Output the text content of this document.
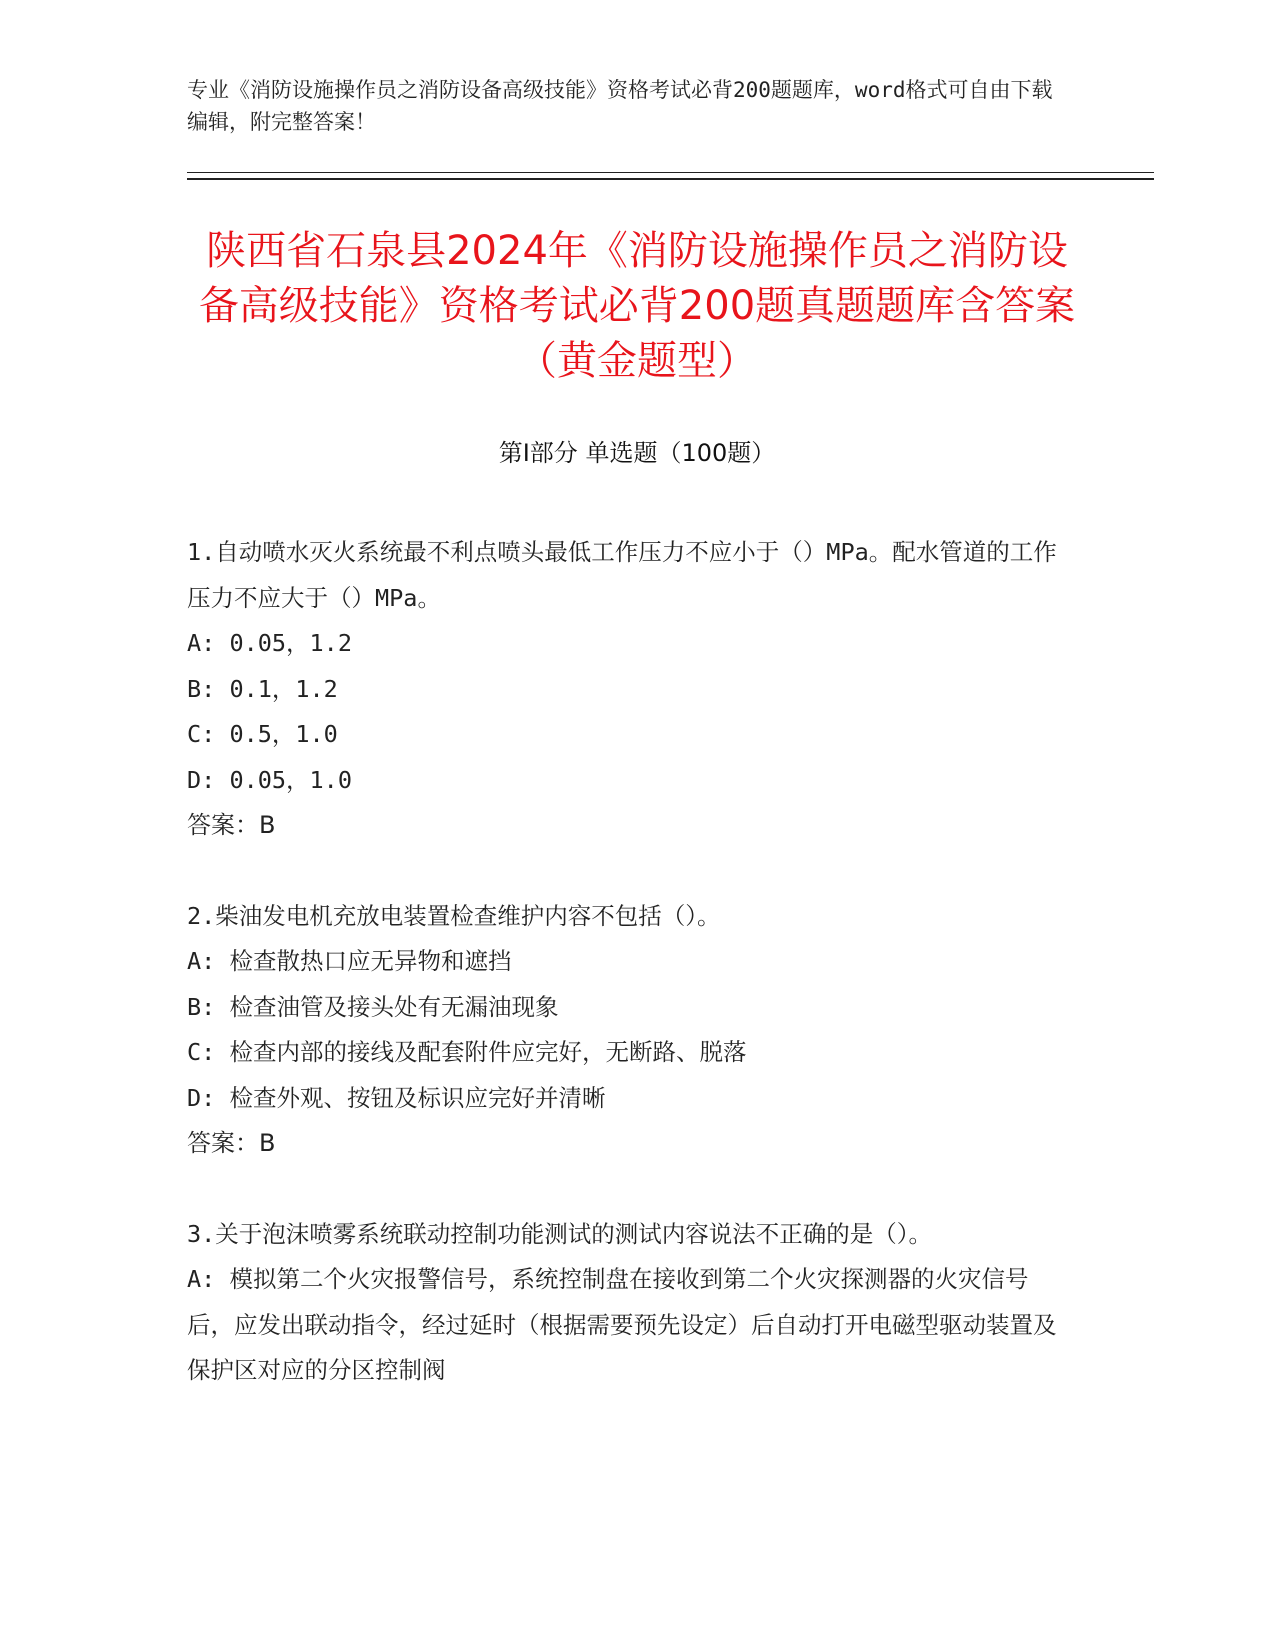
专业《消防设施操作员之消防设备高级技能》资格考试必背200题题库，word格式可自由下载编辑，附完整答案！
陕西省石泉县2024年《消防设施操作员之消防设备高级技能》资格考试必背200题真题题库含答案（黄金题型）
第Ⅰ部分 单选题（100题）

1.自动喷水灭火系统最不利点喷头最低工作压力不应小于（）MPa。配水管道的工作压力不应大于（）MPa。

A: 0.05，1.2

B: 0.1，1.2

C: 0.5，1.0

D: 0.05，1.0

答案：B

2.柴油发电机充放电装置检查维护内容不包括（）。

A: 检查散热口应无异物和遮挡

B: 检查油管及接头处有无漏油现象

C: 检查内部的接线及配套附件应完好，无断路、脱落

D: 检查外观、按钮及标识应完好并清晰

答案：B

3.关于泡沫喷雾系统联动控制功能测试的测试内容说法不正确的是（）。

A: 模拟第二个火灾报警信号，系统控制盘在接收到第二个火灾探测器的火灾信号后，应发出联动指令，经过延时（根据需要预先设定）后自动打开电磁型驱动装置及保护区对应的分区控制阀
